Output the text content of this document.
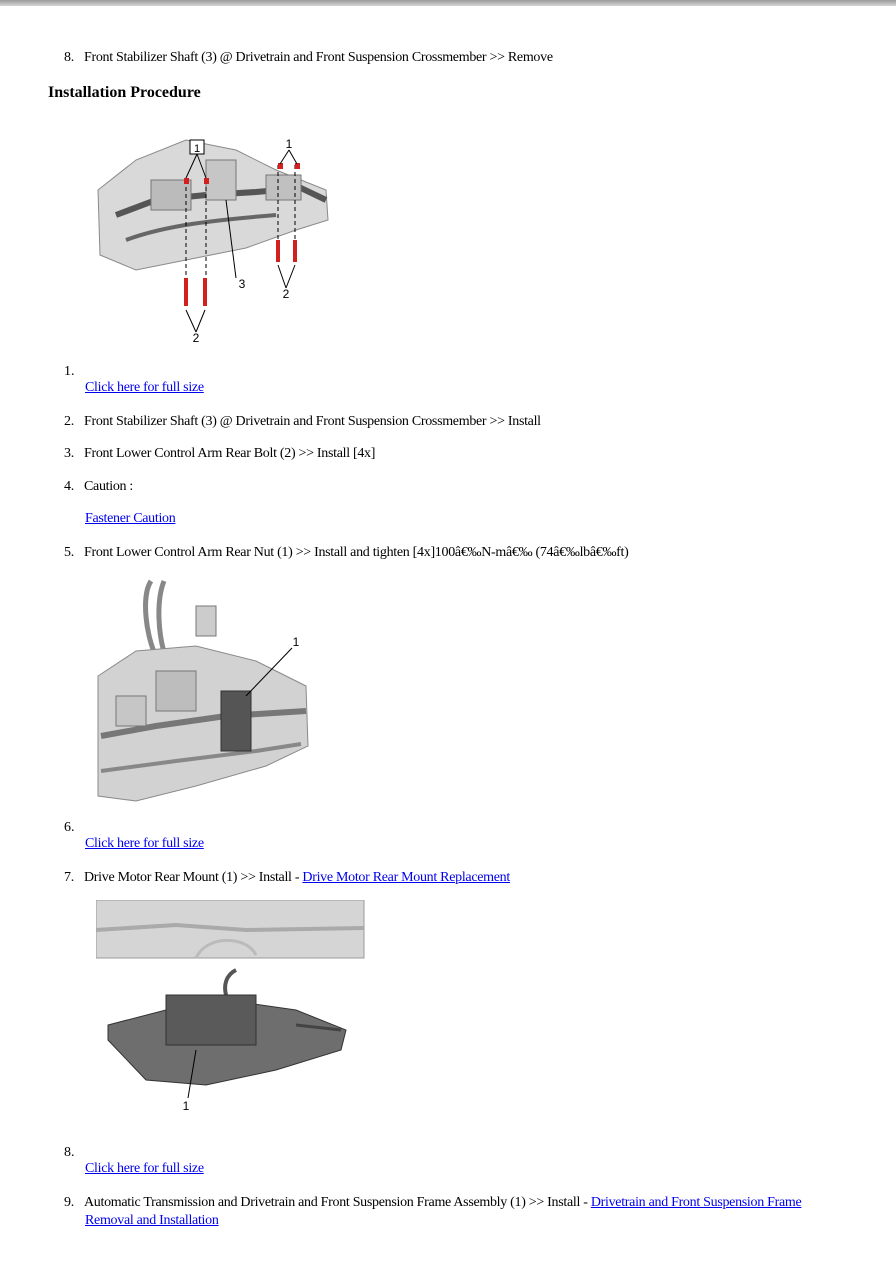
8. Front Stabilizer Shaft (3) @ Drivetrain and Front Suspension Crossmember >> Remove
Installation Procedure
1	1
3
2
2
1.
Click here for full size
2. Front Stabilizer Shaft (3) @ Drivetrain and Front Suspension Crossmember >> Install
3. Front Lower Control Arm Rear Bolt (2) >> Install [4x]
4. Caution :
Fastener Caution
5. Front Lower Control Arm Rear Nut (1) >> Install and tighten [4x]100â€‰N-mâ€‰ (74â€‰lbâ€‰ft)
1
6.
Click here for full size
7. Drive Motor Rear Mount (1) >> Install - Drive Motor Rear Mount Replacement
1
8.
Click here for full size
9. Automatic Transmission and Drivetrain and Front Suspension Frame Assembly (1) >> Install - Drivetrain and Front Suspension Frame
Removal and Installation
